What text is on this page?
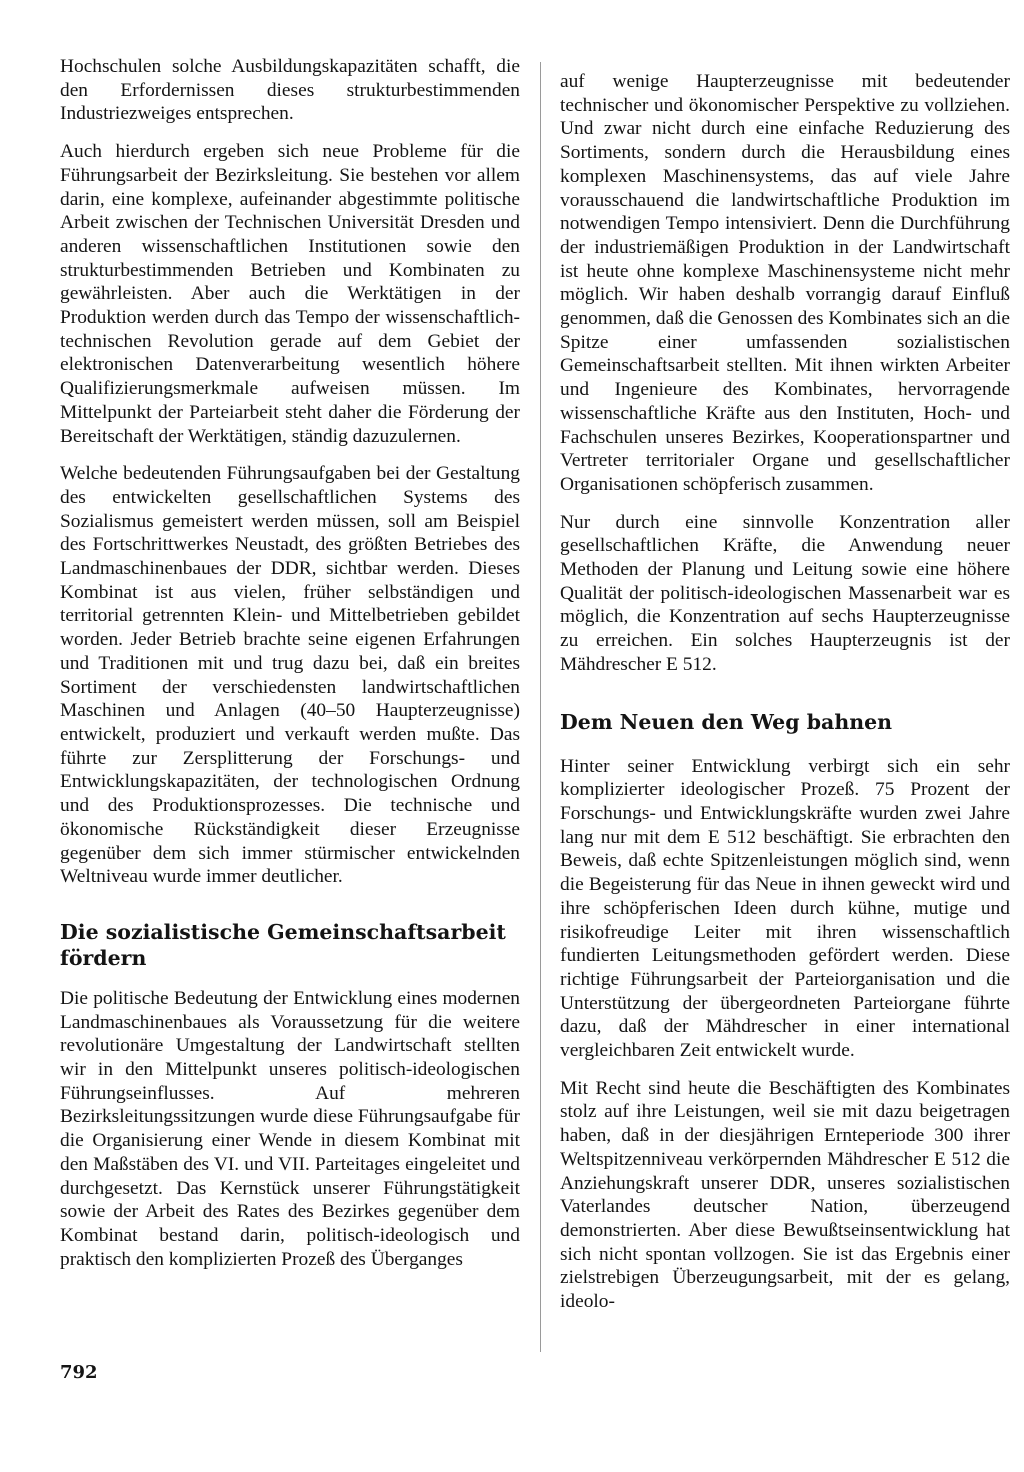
Hochschulen solche Ausbildungskapazitäten schafft, die den Erfordernissen dieses strukturbestimmenden Industriezweiges entsprechen.

Auch hierdurch ergeben sich neue Probleme für die Führungsarbeit der Bezirksleitung. Sie bestehen vor allem darin, eine komplexe, aufeinander abgestimmte politische Arbeit zwischen der Technischen Universität Dresden und anderen wissenschaftlichen Institutionen sowie den strukturbestimmenden Betrieben und Kombinaten zu gewährleisten. Aber auch die Werktätigen in der Produktion werden durch das Tempo der wissenschaftlich-technischen Revolution gerade auf dem Gebiet der elektronischen Datenverarbeitung wesentlich höhere Qualifizierungsmerkmale aufweisen müssen. Im Mittelpunkt der Parteiarbeit steht daher die Förderung der Bereitschaft der Werktätigen, ständig dazuzulernen.

Welche bedeutenden Führungsaufgaben bei der Gestaltung des entwickelten gesellschaftlichen Systems des Sozialismus gemeistert werden müssen, soll am Beispiel des Fortschrittwerkes Neustadt, des größten Betriebes des Landmaschinenbaues der DDR, sichtbar werden. Dieses Kombinat ist aus vielen, früher selbständigen und territorial getrennten Klein- und Mittelbetrieben gebildet worden. Jeder Betrieb brachte seine eigenen Erfahrungen und Traditionen mit und trug dazu bei, daß ein breites Sortiment der verschiedensten landwirtschaftlichen Maschinen und Anlagen (40–50 Haupterzeugnisse) entwickelt, produziert und verkauft werden mußte. Das führte zur Zersplitterung der Forschungs- und Entwicklungskapazitäten, der technologischen Ordnung und des Produktionsprozesses. Die technische und ökonomische Rückständigkeit dieser Erzeugnisse gegenüber dem sich immer stürmischer entwickelnden Weltniveau wurde immer deutlicher.

Die sozialistische Gemeinschaftsarbeit fördern

Die politische Bedeutung der Entwicklung eines modernen Landmaschinenbaues als Voraussetzung für die weitere revolutionäre Umgestaltung der Landwirtschaft stellten wir in den Mittelpunkt unseres politisch-ideologischen Führungseinflusses. Auf mehreren Bezirksleitungssitzungen wurde diese Führungsaufgabe für die Organisierung einer Wende in diesem Kombinat mit den Maßstäben des VI. und VII. Parteitages eingeleitet und durchgesetzt. Das Kernstück unserer Führungstätigkeit sowie der Arbeit des Rates des Bezirkes gegenüber dem Kombinat bestand darin, politisch-ideologisch und praktisch den komplizierten Prozeß des Überganges

auf wenige Haupterzeugnisse mit bedeutender technischer und ökonomischer Perspektive zu vollziehen. Und zwar nicht durch eine einfache Reduzierung des Sortiments, sondern durch die Herausbildung eines komplexen Maschinensystems, das auf viele Jahre vorausschauend die landwirtschaftliche Produktion im notwendigen Tempo intensiviert. Denn die Durchführung der industriemäßigen Produktion in der Landwirtschaft ist heute ohne komplexe Maschinensysteme nicht mehr möglich. Wir haben deshalb vorrangig darauf Einfluß genommen, daß die Genossen des Kombinates sich an die Spitze einer umfassenden sozialistischen Gemeinschaftsarbeit stellten. Mit ihnen wirkten Arbeiter und Ingenieure des Kombinates, hervorragende wissenschaftliche Kräfte aus den Instituten, Hoch- und Fachschulen unseres Bezirkes, Kooperationspartner und Vertreter territorialer Organe und gesellschaftlicher Organisationen schöpferisch zusammen.

Nur durch eine sinnvolle Konzentration aller gesellschaftlichen Kräfte, die Anwendung neuer Methoden der Planung und Leitung sowie eine höhere Qualität der politisch-ideologischen Massenarbeit war es möglich, die Konzentration auf sechs Haupterzeugnisse zu erreichen. Ein solches Haupterzeugnis ist der Mähdrescher E 512.

Dem Neuen den Weg bahnen

Hinter seiner Entwicklung verbirgt sich ein sehr komplizierter ideologischer Prozeß. 75 Prozent der Forschungs- und Entwicklungskräfte wurden zwei Jahre lang nur mit dem E 512 beschäftigt. Sie erbrachten den Beweis, daß echte Spitzenleistungen möglich sind, wenn die Begeisterung für das Neue in ihnen geweckt wird und ihre schöpferischen Ideen durch kühne, mutige und risikofreudige Leiter mit ihren wissenschaftlich fundierten Leitungsmethoden gefördert werden. Diese richtige Führungsarbeit der Parteiorganisation und die Unterstützung der übergeordneten Parteiorgane führte dazu, daß der Mähdrescher in einer international vergleichbaren Zeit entwickelt wurde.

Mit Recht sind heute die Beschäftigten des Kombinates stolz auf ihre Leistungen, weil sie mit dazu beigetragen haben, daß in der diesjährigen Ernteperiode 300 ihrer Weltspitzenniveau verkörpernden Mähdrescher E 512 die Anziehungskraft unserer DDR, unseres sozialistischen Vaterlandes deutscher Nation, überzeugend demonstrierten. Aber diese Bewußtseinsentwicklung hat sich nicht spontan vollzogen. Sie ist das Ergebnis einer zielstrebigen Überzeugungsarbeit, mit der es gelang, ideolo-

792
